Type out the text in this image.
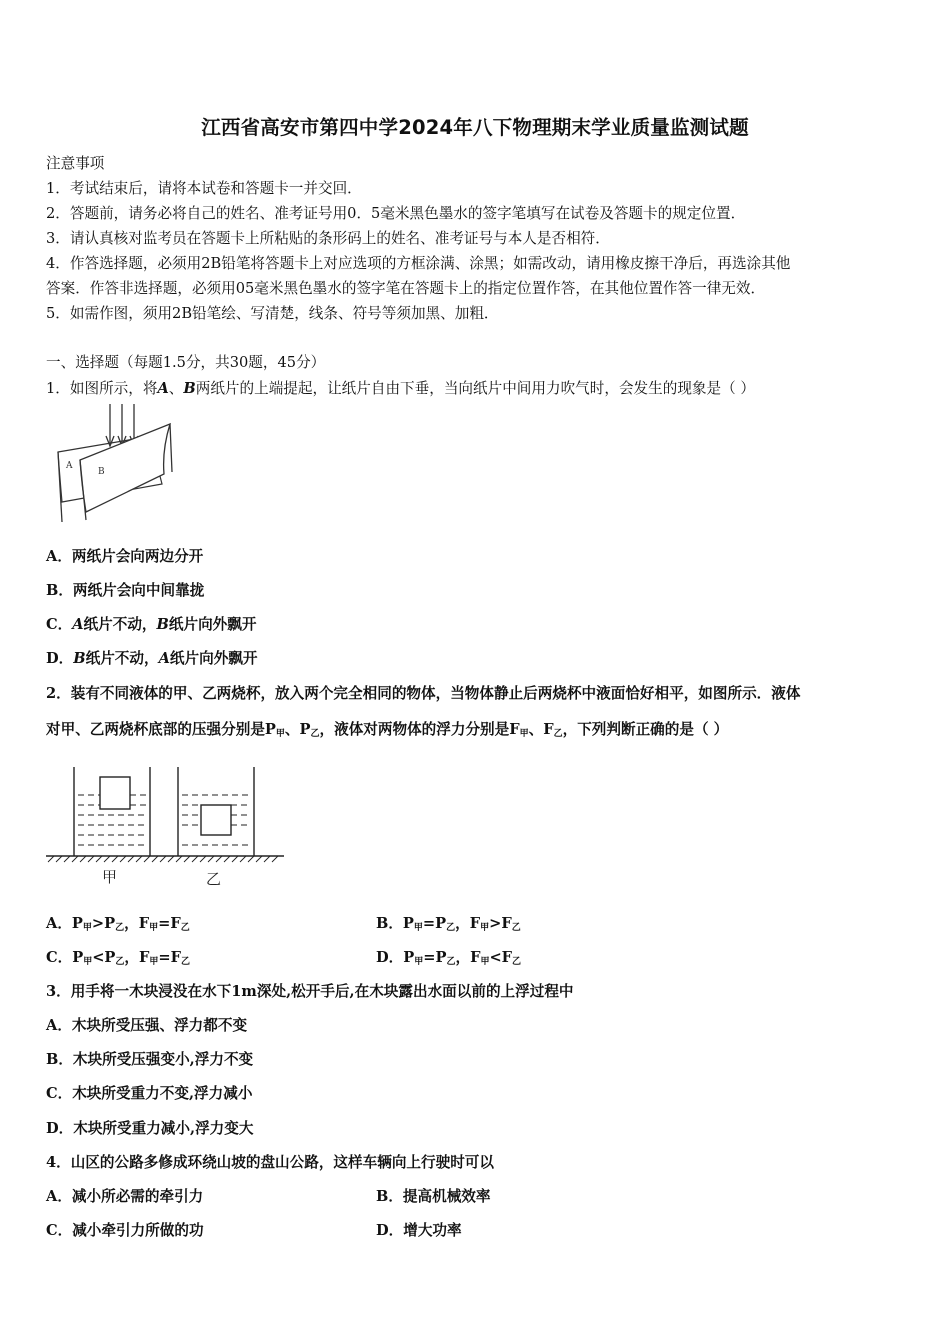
江西省高安市第四中学2024年八下物理期末学业质量监测试题
注意事项
1．考试结束后，请将本试卷和答题卡一并交回．
2．答题前，请务必将自己的姓名、准考证号用0．5毫米黑色墨水的签字笔填写在试卷及答题卡的规定位置．
3．请认真核对监考员在答题卡上所粘贴的条形码上的姓名、准考证号与本人是否相符．
4．作答选择题，必须用2B铅笔将答题卡上对应选项的方框涂满、涂黑；如需改动，请用橡皮擦干净后，再选涂其他
答案．作答非选择题，必须用05毫米黑色墨水的签字笔在答题卡上的指定位置作答，在其他位置作答一律无效．
5．如需作图，须用2B铅笔绘、写清楚，线条、符号等须加黑、加粗．
一、选择题（每题1.5分，共30题，45分）
1．如图所示，将A、B两纸片的上端提起，让纸片自由下垂，当向纸片中间用力吹气时，会发生的现象是（ ）
A
B
A．两纸片会向两边分开
B．两纸片会向中间靠拢
C．A纸片不动，B纸片向外飘开
D．B纸片不动，A纸片向外飘开
2．装有不同液体的甲、乙两烧杯，放入两个完全相同的物体，当物体静止后两烧杯中液面恰好相平，如图所示．液体
对甲、乙两烧杯底部的压强分别是$P_甲$、$P_乙$，液体对两物体的浮力分别是$F_甲$、$F_乙$，下列判断正确的是（ ）
甲	乙
A．$P_甲>P_乙$，$F_甲=F_乙$	B．$P_甲=P_乙$，$F_甲>F_乙$
C．$P_甲<P_乙$，$F_甲=F_乙$	D．$P_甲=P_乙$，$F_甲<F_乙$
3．用手将一木块浸没在水下1m深处,松开手后,在木块露出水面以前的上浮过程中
A．木块所受压强、浮力都不变
B．木块所受压强变小,浮力不变
C．木块所受重力不变,浮力减小
D．木块所受重力减小,浮力变大
4．山区的公路多修成环绕山坡的盘山公路，这样车辆向上行驶时可以
A．减小所必需的牵引力	B．提高机械效率
C．减小牵引力所做的功	D．增大功率
